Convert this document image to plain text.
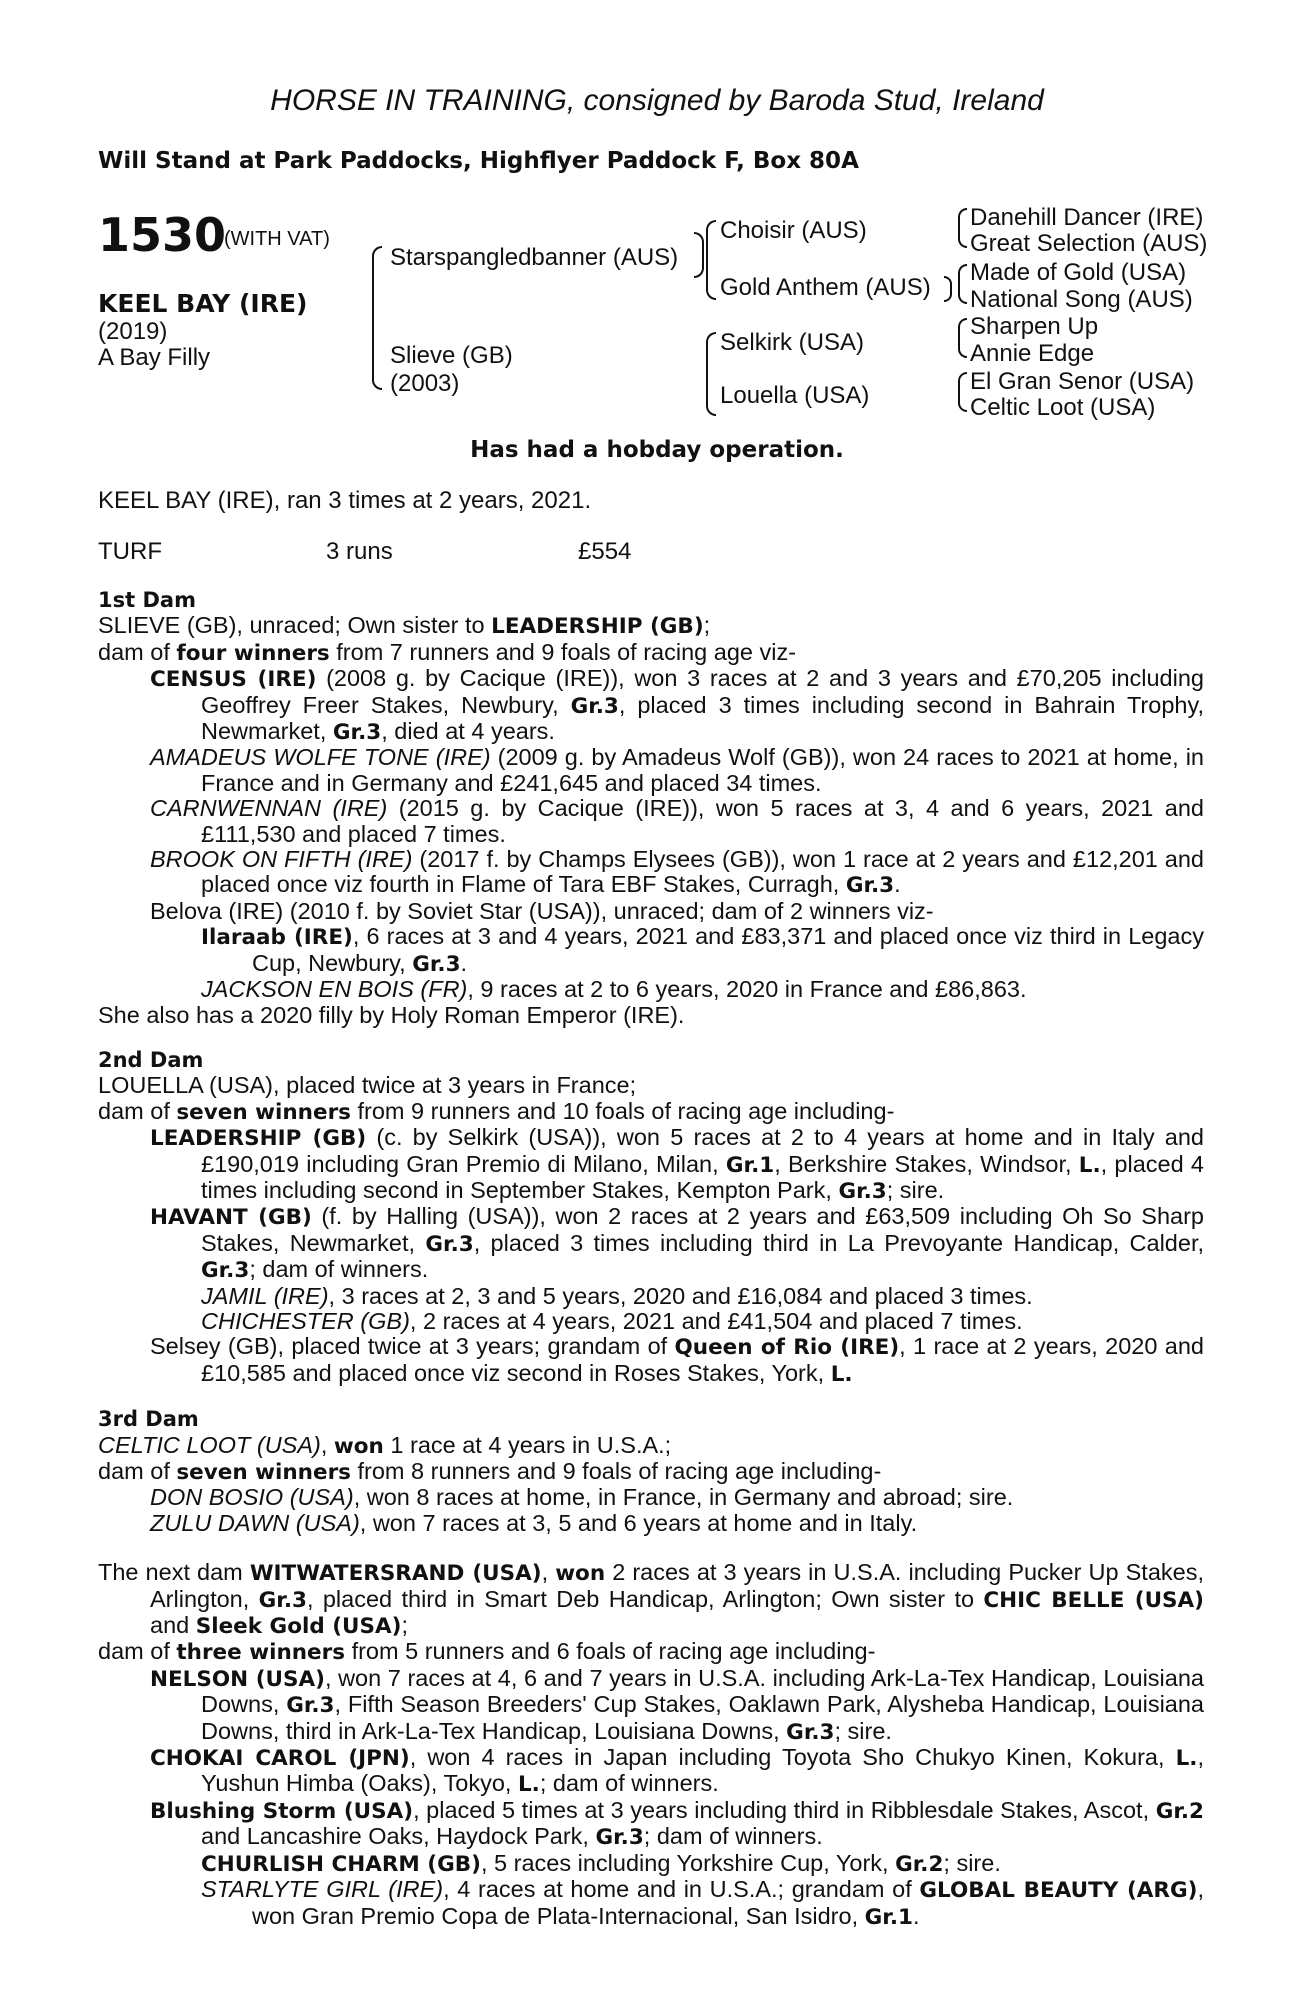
HORSE IN TRAINING, consigned by Baroda Stud, Ireland
Will Stand at Park Paddocks, Highflyer Paddock F, Box 80A
1530
(WITH VAT)
KEEL BAY (IRE)
(2019)
A Bay Filly
Starspangledbanner (AUS)
Slieve (GB)
(2003)
Choisir (AUS)
Gold Anthem (AUS)
Selkirk (USA)
Louella (USA)
Danehill Dancer (IRE)
Great Selection (AUS)
Made of Gold (USA)
National Song (AUS)
Sharpen Up
Annie Edge
El Gran Senor (USA)
Celtic Loot (USA)
Has had a hobday operation.
KEEL BAY (IRE), ran 3 times at 2 years, 2021.
TURF	3 runs	£554
1st Dam
SLIEVE (GB), unraced; Own sister to LEADERSHIP (GB);
dam of four winners from 7 runners and 9 foals of racing age viz-
CENSUS (IRE) (2008 g. by Cacique (IRE)), won 3 races at 2 and 3 years and £70,205 including Geoffrey Freer Stakes, Newbury, Gr.3, placed 3 times including second in Bahrain Trophy, Newmarket, Gr.3, died at 4 years.
AMADEUS WOLFE TONE (IRE) (2009 g. by Amadeus Wolf (GB)), won 24 races to 2021 at home, in France and in Germany and £241,645 and placed 34 times.
CARNWENNAN (IRE) (2015 g. by Cacique (IRE)), won 5 races at 3, 4 and 6 years, 2021 and £111,530 and placed 7 times.
BROOK ON FIFTH (IRE) (2017 f. by Champs Elysees (GB)), won 1 race at 2 years and £12,201 and placed once viz fourth in Flame of Tara EBF Stakes, Curragh, Gr.3.
Belova (IRE) (2010 f. by Soviet Star (USA)), unraced; dam of 2 winners viz-
Ilaraab (IRE), 6 races at 3 and 4 years, 2021 and £83,371 and placed once viz third in Legacy Cup, Newbury, Gr.3.
JACKSON EN BOIS (FR), 9 races at 2 to 6 years, 2020 in France and £86,863.
She also has a 2020 filly by Holy Roman Emperor (IRE).
2nd Dam
LOUELLA (USA), placed twice at 3 years in France;
dam of seven winners from 9 runners and 10 foals of racing age including-
LEADERSHIP (GB) (c. by Selkirk (USA)), won 5 races at 2 to 4 years at home and in Italy and £190,019 including Gran Premio di Milano, Milan, Gr.1, Berkshire Stakes, Windsor, L., placed 4 times including second in September Stakes, Kempton Park, Gr.3; sire.
HAVANT (GB) (f. by Halling (USA)), won 2 races at 2 years and £63,509 including Oh So Sharp Stakes, Newmarket, Gr.3, placed 3 times including third in La Prevoyante Handicap, Calder, Gr.3; dam of winners.
JAMIL (IRE), 3 races at 2, 3 and 5 years, 2020 and £16,084 and placed 3 times.
CHICHESTER (GB), 2 races at 4 years, 2021 and £41,504 and placed 7 times.
Selsey (GB), placed twice at 3 years; grandam of Queen of Rio (IRE), 1 race at 2 years, 2020 and £10,585 and placed once viz second in Roses Stakes, York, L.
3rd Dam
CELTIC LOOT (USA), won 1 race at 4 years in U.S.A.;
dam of seven winners from 8 runners and 9 foals of racing age including-
DON BOSIO (USA), won 8 races at home, in France, in Germany and abroad; sire.
ZULU DAWN (USA), won 7 races at 3, 5 and 6 years at home and in Italy.
The next dam WITWATERSRAND (USA), won 2 races at 3 years in U.S.A. including Pucker Up Stakes, Arlington, Gr.3, placed third in Smart Deb Handicap, Arlington; Own sister to CHIC BELLE (USA) and Sleek Gold (USA);
dam of three winners from 5 runners and 6 foals of racing age including-
NELSON (USA), won 7 races at 4, 6 and 7 years in U.S.A. including Ark-La-Tex Handicap, Louisiana Downs, Gr.3, Fifth Season Breeders' Cup Stakes, Oaklawn Park, Alysheba Handicap, Louisiana Downs, third in Ark-La-Tex Handicap, Louisiana Downs, Gr.3; sire.
CHOKAI CAROL (JPN), won 4 races in Japan including Toyota Sho Chukyo Kinen, Kokura, L., Yushun Himba (Oaks), Tokyo, L.; dam of winners.
Blushing Storm (USA), placed 5 times at 3 years including third in Ribblesdale Stakes, Ascot, Gr.2 and Lancashire Oaks, Haydock Park, Gr.3; dam of winners.
CHURLISH CHARM (GB), 5 races including Yorkshire Cup, York, Gr.2; sire.
STARLYTE GIRL (IRE), 4 races at home and in U.S.A.; grandam of GLOBAL BEAUTY (ARG), won Gran Premio Copa de Plata-Internacional, San Isidro, Gr.1.
